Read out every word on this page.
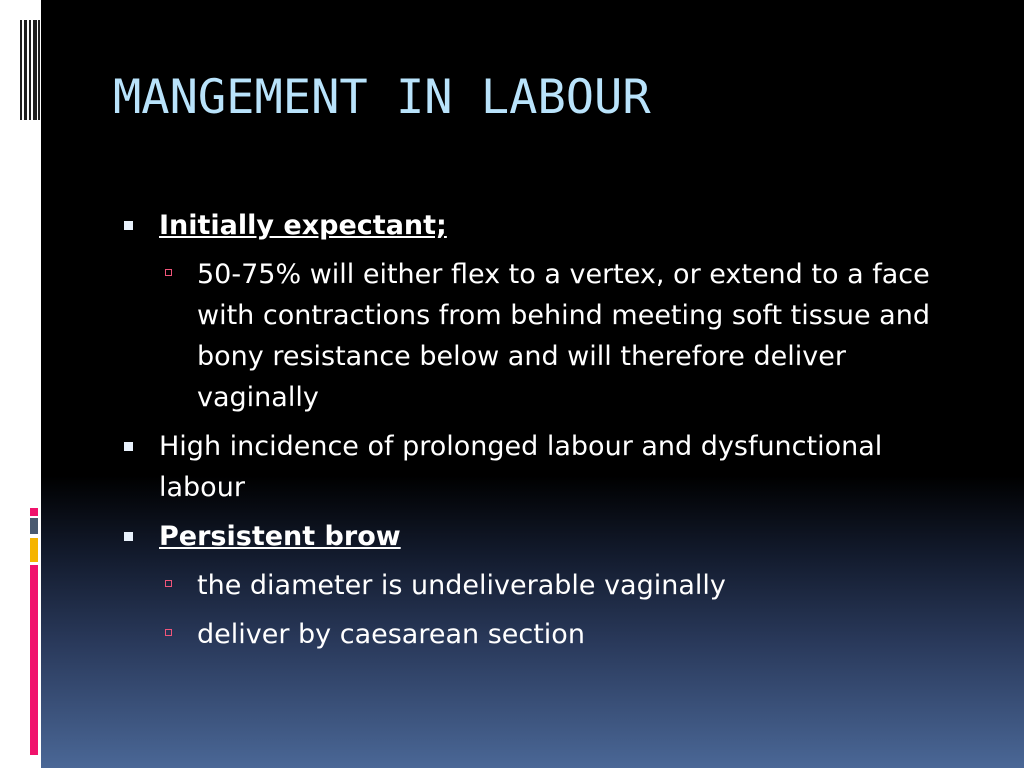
MANGEMENT IN LABOUR
Initially expectant;
50-75% will either flex to a vertex, or extend to a face with contractions from behind meeting soft tissue and bony resistance below and will therefore deliver vaginally
High incidence of prolonged labour and dysfunctional labour
Persistent brow
the diameter is undeliverable vaginally
deliver by caesarean section
